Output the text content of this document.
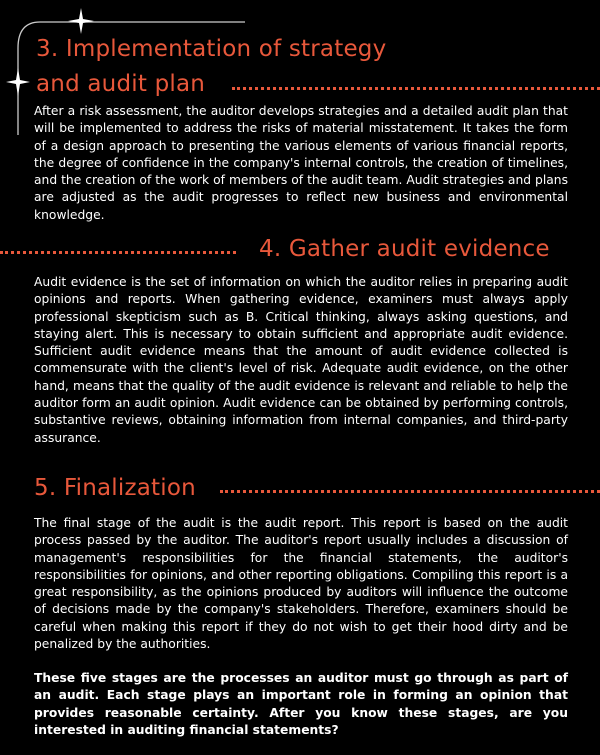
3. Implementation of strategy
and audit plan

After a risk assessment, the auditor develops strategies and a detailed audit plan that will be implemented to address the risks of material misstatement. It takes the form of a design approach to presenting the various elements of various financial reports, the degree of confidence in the company's internal controls, the creation of timelines, and the creation of the work of members of the audit team. Audit strategies and plans are adjusted as the audit progresses to reflect new business and environmental knowledge.

4. Gather audit evidence

Audit evidence is the set of information on which the auditor relies in preparing audit opinions and reports. When gathering evidence, examiners must always apply professional skepticism such as B. Critical thinking, always asking questions, and staying alert. This is necessary to obtain sufficient and appropriate audit evidence. Sufficient audit evidence means that the amount of audit evidence collected is commensurate with the client's level of risk. Adequate audit evidence, on the other hand, means that the quality of the audit evidence is relevant and reliable to help the auditor form an audit opinion. Audit evidence can be obtained by performing controls, substantive reviews, obtaining information from internal companies, and third-party assurance.

5. Finalization

The final stage of the audit is the audit report. This report is based on the audit process passed by the auditor. The auditor's report usually includes a discussion of management's responsibilities for the financial statements, the auditor's responsibilities for opinions, and other reporting obligations. Compiling this report is a great responsibility, as the opinions produced by auditors will influence the outcome of decisions made by the company's stakeholders. Therefore, examiners should be careful when making this report if they do not wish to get their hood dirty and be penalized by the authorities.

These five stages are the processes an auditor must go through as part of an audit. Each stage plays an important role in forming an opinion that provides reasonable certainty. After you know these stages, are you interested in auditing financial statements?
